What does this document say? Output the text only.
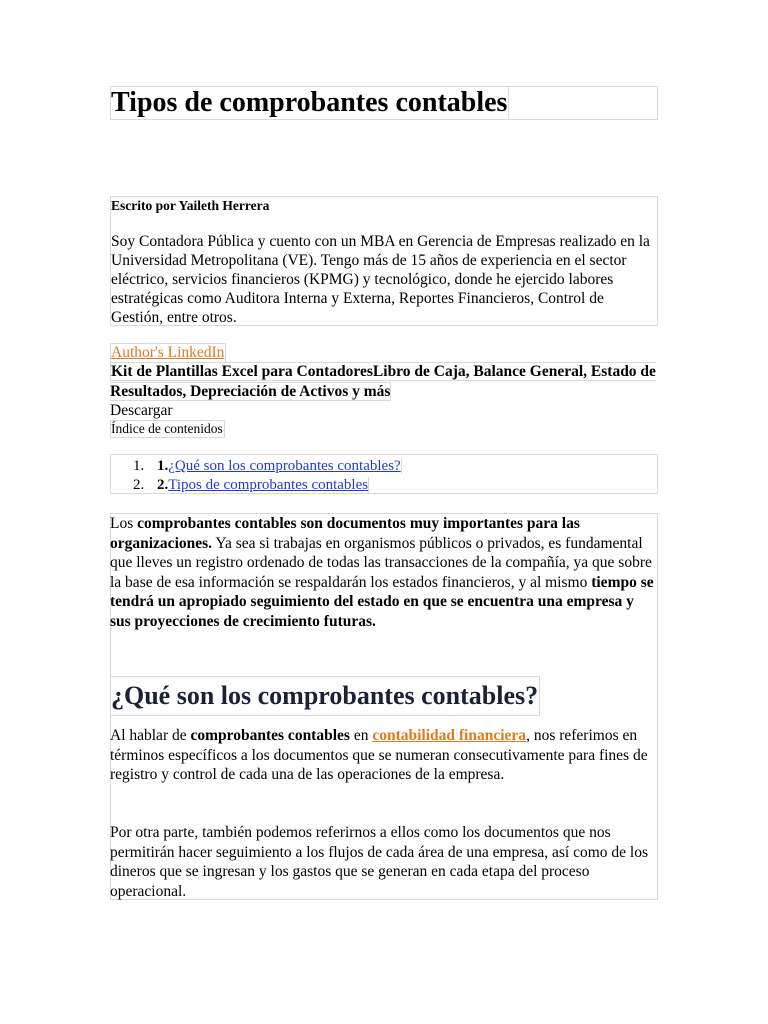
Tipos de comprobantes contables
Escrito por Yaileth Herrera
Soy Contadora Pública y cuento con un MBA en Gerencia de Empresas realizado en la Universidad Metropolitana (VE). Tengo más de 15 años de experiencia en el sector eléctrico, servicios financieros (KPMG) y tecnológico, donde he ejercido labores estratégicas como Auditora Interna y Externa, Reportes Financieros, Control de Gestión, entre otros.
Author's LinkedIn
Kit de Plantillas Excel para ContadoresLibro de Caja, Balance General, Estado de Resultados, Depreciación de Activos y más
Descargar
Índice de contenidos
1. 1.¿Qué son los comprobantes contables?
2. 2.Tipos de comprobantes contables
Los comprobantes contables son documentos muy importantes para las organizaciones. Ya sea si trabajas en organismos públicos o privados, es fundamental que lleves un registro ordenado de todas las transacciones de la compañía, ya que sobre la base de esa información se respaldarán los estados financieros, y al mismo tiempo se tendrá un apropiado seguimiento del estado en que se encuentra una empresa y sus proyecciones de crecimiento futuras.
¿Qué son los comprobantes contables?
Al hablar de comprobantes contables en contabilidad financiera, nos referimos en términos específicos a los documentos que se numeran consecutivamente para fines de registro y control de cada una de las operaciones de la empresa.
Por otra parte, también podemos referirnos a ellos como los documentos que nos permitirán hacer seguimiento a los flujos de cada área de una empresa, así como de los dineros que se ingresan y los gastos que se generan en cada etapa del proceso operacional.
